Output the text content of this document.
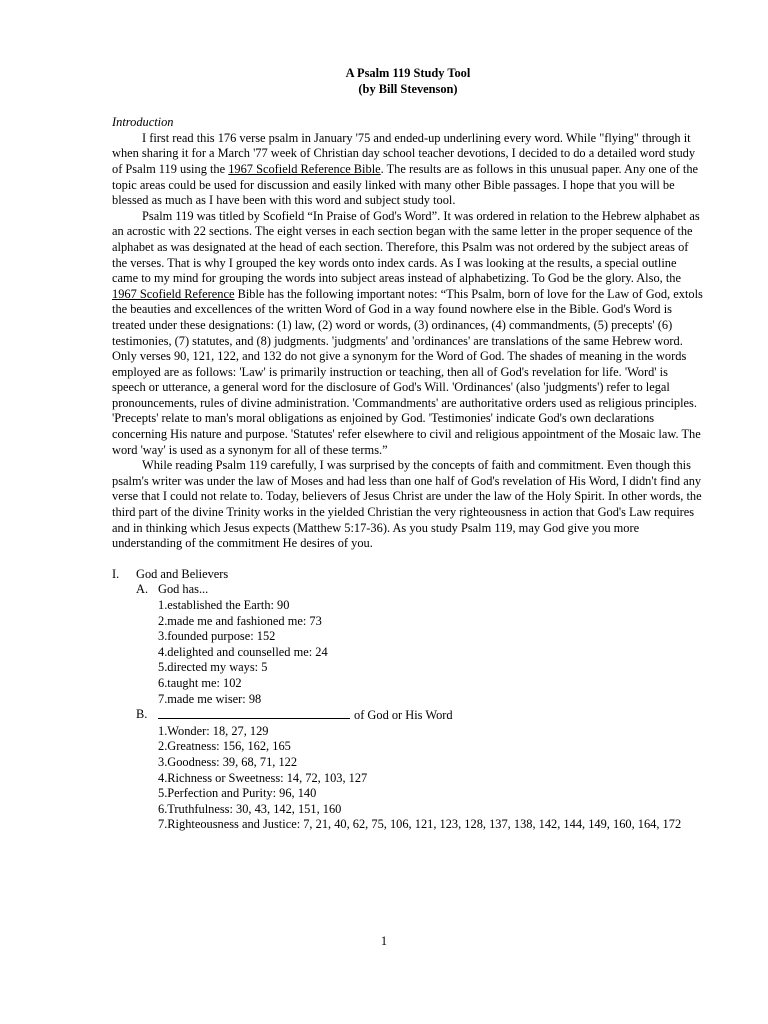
A Psalm 119 Study Tool
(by Bill Stevenson)
Introduction
I first read this 176 verse psalm in January '75 and ended-up underlining every word. While "flying" through it when sharing it for a March '77 week of Christian day school teacher devotions, I decided to do a detailed word study of Psalm 119 using the 1967 Scofield Reference Bible. The results are as follows in this unusual paper. Any one of the topic areas could be used for discussion and easily linked with many other Bible passages. I hope that you will be blessed as much as I have been with this word and subject study tool.
Psalm 119 was titled by Scofield “In Praise of God's Word”. It was ordered in relation to the Hebrew alphabet as an acrostic with 22 sections. The eight verses in each section began with the same letter in the proper sequence of the alphabet as was designated at the head of each section. Therefore, this Psalm was not ordered by the subject areas of the verses. That is why I grouped the key words onto index cards. As I was looking at the results, a special outline came to my mind for grouping the words into subject areas instead of alphabetizing. To God be the glory. Also, the 1967 Scofield Reference Bible has the following important notes: “This Psalm, born of love for the Law of God, extols the beauties and excellences of the written Word of God in a way found nowhere else in the Bible. God's Word is treated under these designations: (1) law, (2) word or words, (3) ordinances, (4) commandments, (5) precepts' (6) testimonies, (7) statutes, and (8) judgments. 'judgments' and 'ordinances' are translations of the same Hebrew word. Only verses 90, 121, 122, and 132 do not give a synonym for the Word of God. The shades of meaning in the words employed are as follows: 'Law' is primarily instruction or teaching, then all of God's revelation for life. 'Word' is speech or utterance, a general word for the disclosure of God's Will. 'Ordinances' (also 'judgments') refer to legal pronouncements, rules of divine administration. 'Commandments' are authoritative orders used as religious principles. 'Precepts' relate to man's moral obligations as enjoined by God. 'Testimonies' indicate God's own declarations concerning His nature and purpose. 'Statutes' refer elsewhere to civil and religious appointment of the Mosaic law. The word 'way' is used as a synonym for all of these terms.”
While reading Psalm 119 carefully, I was surprised by the concepts of faith and commitment. Even though this psalm's writer was under the law of Moses and had less than one half of God's revelation of His Word, I didn't find any verse that I could not relate to. Today, believers of Jesus Christ are under the law of the Holy Spirit. In other words, the third part of the divine Trinity works in the yielded Christian the very righteousness in action that God's Law requires and in thinking which Jesus expects (Matthew 5:17-36). As you study Psalm 119, may God give you more understanding of the commitment He desires of you.
I.	God and Believers
A. God has...
1.established the Earth: 90
2.made me and fashioned me: 73
3.founded purpose: 152
4.delighted and counselled me: 24
5.directed my ways: 5
6.taught me: 102
7.made me wiser: 98
B.	of God or His Word
1.Wonder: 18, 27, 129
2.Greatness: 156, 162, 165
3.Goodness: 39, 68, 71, 122
4.Richness or Sweetness: 14, 72, 103, 127
5.Perfection and Purity: 96, 140
6.Truthfulness: 30, 43, 142, 151, 160
7.Righteousness and Justice: 7, 21, 40, 62, 75, 106, 121, 123, 128, 137, 138, 142, 144, 149, 160, 164, 172
1
